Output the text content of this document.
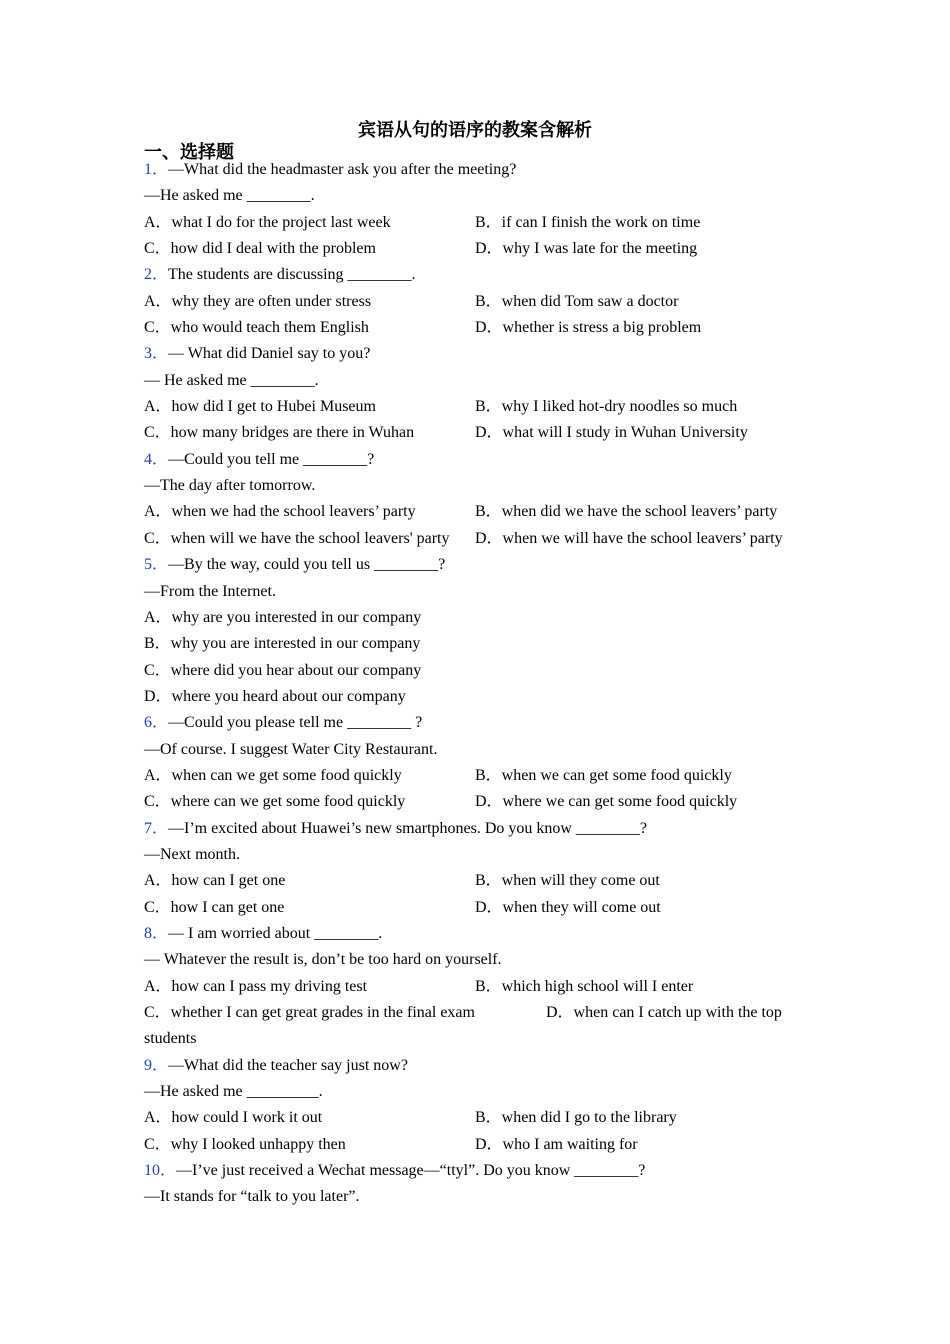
宾语从句的语序的教案含解析
一、选择题
1．—What did the headmaster ask you after the meeting?
—He asked me ________.
A．what I do for the project last week	B．if can I finish the work on time
C．how did I deal with the problem	D．why I was late for the meeting
2．The students are discussing ________.
A．why they are often under stress	B．when did Tom saw a doctor
C．who would teach them English	D．whether is stress a big problem
3．— What did Daniel say to you?
— He asked me ________.
A．how did I get to Hubei Museum	B．why I liked hot-dry noodles so much
C．how many bridges are there in Wuhan	D．what will I study in Wuhan University
4．—Could you tell me ________?
—The day after tomorrow.
A．when we had the school leavers’ party	B．when did we have the school leavers’ party
C．when will we have the school leavers' party D．when we will have the school leavers’ party
5．—By the way, could you tell us ________?
—From the Internet.
A．why are you interested in our company
B．why you are interested in our company
C．where did you hear about our company
D．where you heard about our company
6．—Could you please tell me ________ ?
—Of course. I suggest Water City Restaurant.
A．when can we get some food quickly	B．when we can get some food quickly
C．where can we get some food quickly	D．where we can get some food quickly
7．—I’m excited about Huawei’s new smartphones. Do you know ________?
—Next month.
A．how can I get one	B．when will they come out
C．how I can get one	D．when they will come out
8．— I am worried about ________.
— Whatever the result is, don’t be too hard on yourself.
A．how can I pass my driving test	B．which high school will I enter
C．whether I can get great grades in the final exam	D．when can I catch up with the top
students
9．—What did the teacher say just now?
—He asked me _________.
A．how could I work it out	B．when did I go to the library
C．why I looked unhappy then	D．who I am waiting for
10．—I’ve just received a Wechat message—“ttyl”. Do you know ________?
—It stands for “talk to you later”.
